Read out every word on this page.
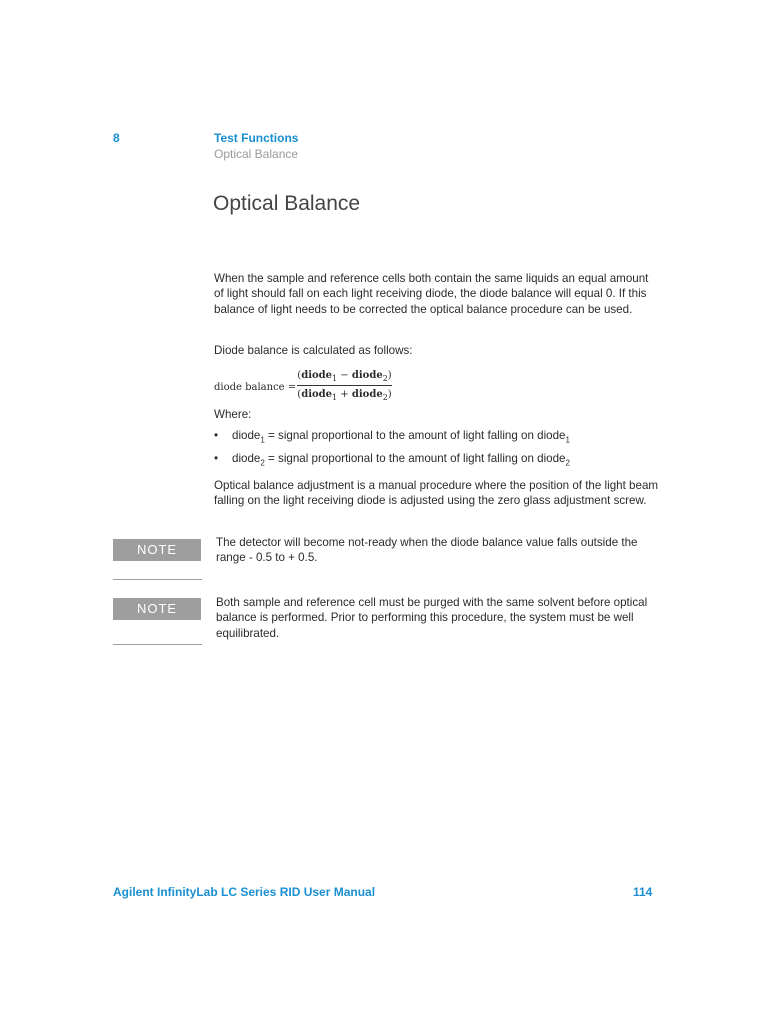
8	Test Functions
Optical Balance
Optical Balance

When the sample and reference cells both contain the same liquids an equal amount of light should fall on each light receiving diode, the diode balance will equal 0. If this balance of light needs to be corrected the optical balance procedure can be used.

Diode balance is calculated as follows:

diode balance =
(diode$_1$ − diode$_2$)
(diode$_1$ + diode$_2$)

Where:

• diode$_1$ = signal proportional to the amount of light falling on diode$_1$
• diode$_2$ = signal proportional to the amount of light falling on diode$_2$

Optical balance adjustment is a manual procedure where the position of the light beam falling on the light receiving diode is adjusted using the zero glass adjustment screw.

NOTE	The detector will become not-ready when the diode balance value falls outside the range - 0.5 to + 0.5.

NOTE	Both sample and reference cell must be purged with the same solvent before optical balance is performed. Prior to performing this procedure, the system must be well equilibrated.

Agilent InfinityLab LC Series RID User Manual	114
